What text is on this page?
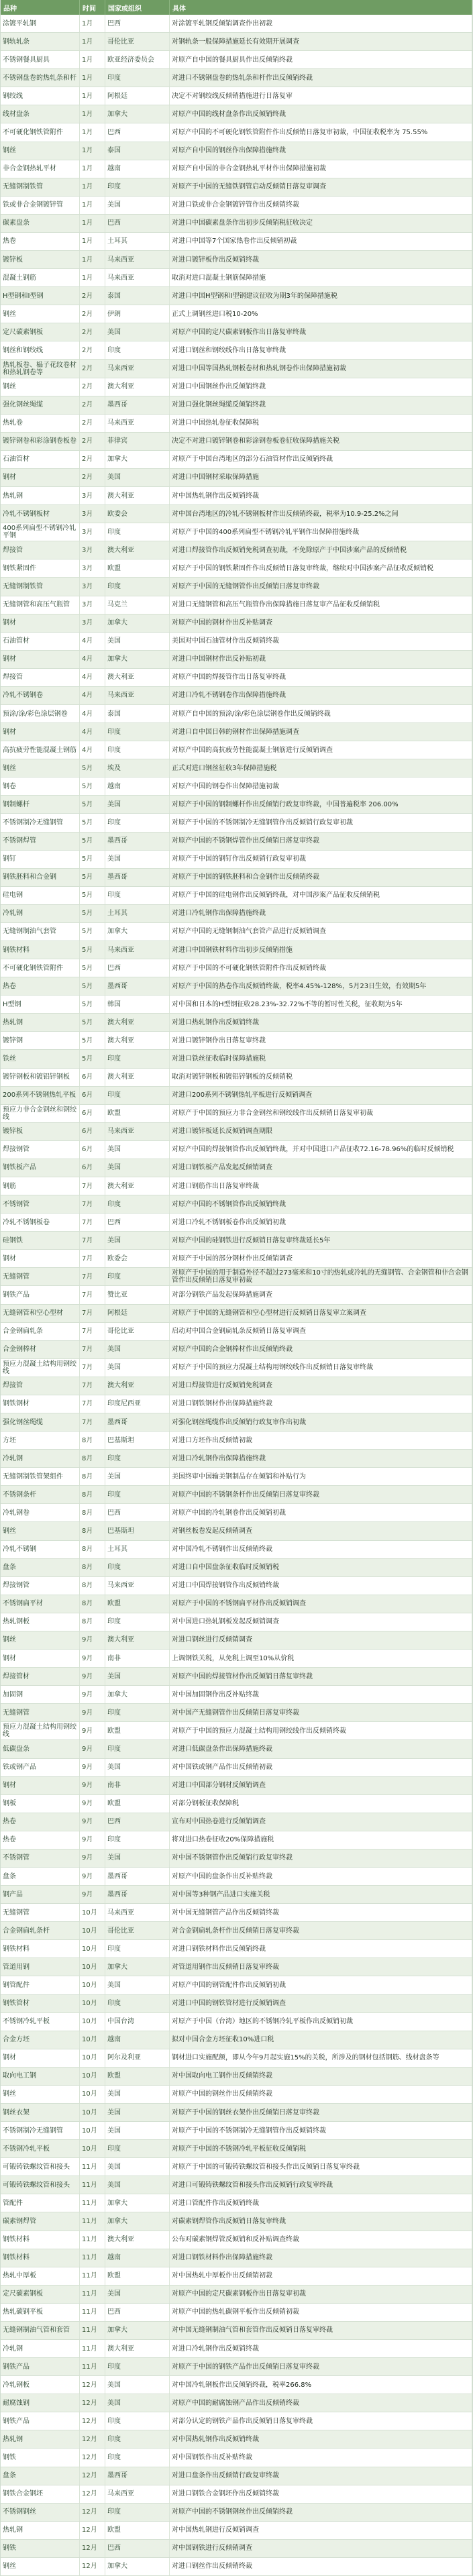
品种	时间	国家或组织	具体
涂镀平轧钢	1月	巴西	对涂镀平轧钢反倾销调查作出初裁
钢轨轧条	1月	哥伦比亚	对钢轨条一般保障措施延长有效期开展调查
不锈钢餐具厨具	1月	欧亚经济委员会	对原产自中国的餐具厨具作出反倾销终裁
不锈钢盘卷的热轧条和杆 1月	印度	对进口不锈钢盘卷的热轧条和杆作出反倾销终裁
钢绞线	1月	阿根廷	决定不对钢绞线反倾销措施进行日落复审
线材盘条	1月	加拿大	对原产中国的线材盘条作出反倾销终裁
不可硬化钢铁管附件	1月	巴西	对原产中国的不可硬化钢铁管附件作出反倾销日落复审初裁，中国征收税率为 75.55%
钢丝	1月	泰国	对原产自中国的钢丝作出保障措施终裁
非合金钢热轧平材	1月	越南	对原产自中国的非合金钢热轧平材作出保障措施初裁
无缝钢制铁管	1月	印度	对原产于中国的无缝铁钢管启动反倾销日落复审调查
铁或非合金钢镀锌管	1月	美国	对进口铁或非合金钢镀锌管作出反倾销终裁
碳素盘条	1月	巴西	对进口中国碳素盘条作出初步反倾销税征收决定
热卷	1月	土耳其	对进口中国等7个国家热卷作出反倾销初裁
镀锌板	1月	马来西亚	对进口镀锌板作出反倾销终裁
混凝土钢筋	1月	马来西亚	取消对进口混凝土钢筋保障措施
H型钢和I型钢	2月	泰国	对进口中国H型钢和I型钢建议征收为期3年的保障措施税
钢丝	2月	伊朗	正式上调钢丝进口税10-20%
定尺碳素钢板	2月	美国	对原产中国的定尺碳素钢板作出日落复审终裁
钢丝和钢绞线	2月	印度	对进口钢丝和钢绞线作出日落复审终裁
热轧板卷、榀子花纹卷材和热轧钢卷等	2月	马来西亚	对进口中国等国热轧钢板卷材和热轧钢卷作出保障措施初裁
钢丝	2月	澳大利亚	对进口中国钢丝作出反倾销终裁
强化钢丝绳缆	2月	墨西哥	对进口强化钢丝绳缆反倾销终裁
热轧卷	2月	马来西亚	对进口中国热轧卷征收保障税
镀锌钢卷和彩涂钢卷板卷 2月	菲律宾	决定不对进口镀锌钢卷和彩涂钢卷板卷征收保障措施关税
石油管材	2月	加拿大	对原产于中国台湾地区的部分石油管材作出反倾销终裁
钢材	2月	美国	对进口中国钢材采取保障措施
热轧钢	3月	澳大利亚	对中国热轧钢作出反倾销终裁
冷轧不锈钢板材	3月	欧委会	对中国台湾地区的冷轧不锈钢板材作出反倾销终裁，税率为10.9-25.2%之间
400系列扁型不锈钢冷轧平钢	3月	印度	对原产于中国的400系列扁型不锈钢冷轧平钢作出保障措施终裁
焊接管	3月	澳大利亚	对进口焊接管作出反倾销免税调查初裁，不免除原产于中国涉案产品的反倾销税
钢铁紧固件	3月	欧盟	对原产于中国的钢铁紧固件作出反倾销日落复审终裁，继续对中国涉案产品征收反倾销税
无缝钢制铁管	3月	印度	对原产于中国的无缝钢管作出反倾销日落复审终裁
无缝钢管和高压气瓶管	3月	马克兰	对进口无缝钢管和高压气瓶管作出保障措施日落复审产品征收反倾销税
钢材	3月	加拿大	对原产中国的钢材作出反补贴调查
石油管材	4月	美国	美国对中国石油管材作出反倾销终裁
钢材	4月	加拿大	对进口中国钢材作出反补贴初裁
焊接管	4月	澳大利亚	对原产中国的焊接管作出日落复审终裁
冷轧不锈钢卷	4月	马来西亚	对进口冷轧不锈钢卷作出保障措施终裁
预涂/涂/彩色涂层钢卷	4月	泰国	对原产自中国的预涂/涂/彩色涂层钢卷作出反倾销终裁
钢材	4月	印度	对进口自中国日韩的钢材作出保障措施调查
高抗疲劳性能混凝土钢筋 4月	印度	对原产中国的高抗疲劳性能混凝土钢筋进行反倾销调查
钢丝	5月	埃及	正式对进口钢丝征收3年保障措施税
钢卷	5月	越南	对原产中国的钢卷作出保障措施初裁
钢制螺杆	5月	美国	对原产于中国的钢制螺杆作出反倾销行政复审终裁，中国普遍税率 206.00%
不锈钢制冷无缝钢管	5月	印度	对原产于中国的不锈钢制冷无缝钢管作出反倾销行政复审初裁
不锈钢焊管	5月	墨西哥	对原产中国的不锈钢焊管作出反倾销日落复审终裁
钢钉	5月	美国	对原产于中国的钢钉作出反倾销行政复审初裁
钢铁胚料和合金钢	5月	墨西哥	对原产于中国的钢铁胚料和合金钢作出反倾销终裁
硅电钢	5月	印度	对原产于中国的硅电钢作出反倾销终裁，对中国涉案产品征收反倾销税
冷轧钢	5月	土耳其	对进口冷轧钢作出保障措施终裁
无缝钢制油气套管	5月	加拿大	对原产中国的无缝钢制油气套管产品进行反倾销调查
钢铁材料	5月	马来西亚	对进口中国钢铁材料作出初步反倾销措施
不可硬化钢铁管附件	5月	巴西	对原产于中国的不可硬化钢铁管附件作出反倾销终裁
热卷	5月	墨西哥	对原产于中国的热卷作出反倾销终裁，税率4.45%-128%，5月23日生效，有效期5年
H型钢	5月	韩国	对中国和日本的H型钢征收28.23%-32.72%不等的暂时性关税，征收期为5年
热轧钢	5月	澳大利亚	对进口热轧钢作出反倾销终裁
镀锌钢	5月	澳大利亚	对进口镀锌钢作出日落复审终裁
铁丝	5月	印度	对进口铁丝征收临时保障措施税
镀锌钢板和镀铝锌钢板	6月	澳大利亚	取消对镀锌钢板和镀铝锌钢板的反倾销税
200系列不锈钢热轧平板 6月	印度	对进口200系列不锈钢热轧平板进行反倾销调查
预应力非合金钢丝和钢绞线	6月	欧盟	对原产于中国的预应力非合金钢丝和钢绞线作出反倾销日落复审初裁
镀锌板	6月	马来西亚	对进口镀锌板延长反倾销调查期限
焊接钢管	6月	美国	对原产中国的焊接钢管作出反倾销终裁，并对中国进口产品征收72.16-78.96%的临时反倾销税
钢铁板产品	6月	美国	对进口钢铁板产品发起反倾销调查
钢筋	7月	澳大利亚	对进口钢筋作出日落复审终裁
不锈钢管	7月	印度	对原产中国的不锈钢管作出反倾销终裁
冷轧不锈钢板卷	7月	巴西	对进口冷轧不锈钢板卷作出反倾销初裁
硅钢铁	7月	美国	对原产中国的硅钢铁进行反倾销日落复审终裁延长5年
钢材	7月	欧委会	对原产于中国的部分钢材作出反倾销调查
无缝钢管	7月	印度	对原产于中国的用于制造外径不超过273毫米和10寸的热轧或冷轧的无缝钢管、合金钢管和非合金钢管作出反倾销日落复审初裁
钢铁产品	7月	赞比亚	对部分钢铁产品发起保障措施调查
无缝钢管和空心型材	7月	阿根廷	对原产于中国的无缝钢管和空心型材进行反倾销日落复审立案调查
合金钢扁轧条	7月	哥伦比亚	启动对中国合金钢扁轧条反倾销日落复审调查
合金钢棒材	7月	美国	对原产中国的合金钢棒材作出反倾销终裁
预应力混凝土结构用钢绞线	7月	美国	对原产于中国的预应力混凝土结构用钢绞线作出反倾销日落复审终裁
焊接管	7月	澳大利亚	对进口焊接管进行反倾销免税调查
钢铁钢材	7月	印度尼西亚	对进口钢铁钢材作出保障措施终裁
强化钢丝绳缆	7月	墨西哥	对强化钢丝绳缆作出反倾销行政复审作出初裁
方坯	8月	巴基斯坦	对进口方坯作出反倾销初裁
冷轧钢	8月	印度	对进口冷轧钢作出保障措施终裁
无缝钢制铁管架组件	8月	美国	美国终审中国输美钢制品存在倾销和补贴行为
不锈钢条杆	8月	印度	对原产中国的不锈钢条杆作出反倾销日落复审终裁
冷轧钢卷	8月	巴西	对原产中国的冷轧钢卷作出反倾销初裁
钢丝	8月	巴基斯坦	对钢丝板卷发起反倾销调查
冷轧不锈钢	8月	土耳其	对中国冷轧不锈钢作出反倾销终裁
盘条	8月	印度	对进口自中国盘条征收临时反倾销税
焊接钢管	8月	马来西亚	对进口中国焊接钢管作出反倾销终裁
不锈钢扁平材	8月	欧盟	对原产于中国的不锈钢扁平材作出反倾销调查
热轧钢板	8月	印度	对中国进口热轧钢板发起反倾销调查
钢丝	9月	澳大利亚	对进口钢丝进行反倾销调查
钢材	9月	南非	上调钢铁关税，从免税上调至10%从价税
焊接管材	9月	美国	对原产中国的焊接管材作出反倾销日落复审终裁
加固钢	9月	加拿大	对中国加固钢作出反补贴终裁
无缝钢管	9月	印度	对中国产无缝钢管作出反倾销日落复审终裁
预应力混凝土结构用钢绞线	9月	欧盟	对原产于中国的预应力混凝土结构用钢绞线作出反倾销终裁
低碳盘条	9月	印度	对进口低碳盘条作出保障措施终裁
铁或钢产品	9月	美国	对中国铁或钢产品作出反倾销初裁
钢材	9月	南非	对进口中国部分钢材反倾销调查
钢板	9月	欧盟	对部分钢板征收保障税
热卷	9月	巴西	宣布对中国热卷进行反倾销调查
热卷	9月	印度	将对进口热卷征收20%保障措施税
不锈钢管	9月	美国	对中国不锈钢管作出反倾销行政复审终裁
盘条	9月	墨西哥	对原产中国的盘条作出反补贴终裁
钢产品	9月	墨西哥	对中国等3种钢产品进口实施关税
无缝钢管	10月	马来西亚	对中国无缝钢管产品作出反倾销终裁
合金钢扁轧条杆	10月	哥伦比亚	对合金钢扁轧条杆作出反倾销日落复审终裁
钢铁材料	10月	印度	对进口钢铁材料作出反倾销终裁
管道用钢	10月	加拿大	对管道用钢作出反倾销日落复审终裁
钢管配件	10月	美国	对原产中国的钢管配件作出反倾销初裁
钢铁管材	10月	印度	对进口中国的钢铁管材进行反倾销调查
不锈钢冷轧平板	10月	中国台湾	对原产于中国（台湾）地区的不锈钢冷轧平板作出反倾销初裁
合金方坯	10月	越南	拟对中国合金方坯征收10%进口税
钢材	10月	阿尔及利亚	钢材进口实施配额，即从今年9月起实施15%的关税，所涉及的钢材包括钢筋、线材盘条等
取向电工钢	10月	欧盟	对中国取向电工钢作出反倾销终裁
钢丝	10月	美国	对原产中国的钢丝作出反倾销终裁
钢丝衣架	10月	美国	对原产于中国的钢丝衣架作出反倾销日落复审终裁
不锈钢制冷无缝钢管	10月	美国	对原产于中国的不锈钢制冷无缝钢管作出反倾销终裁
不锈钢冷轧平板	10月	印度	对原产于中国的不锈钢冷轧平板征收反倾销税
可锻铸铁螺纹管和接头	11月	美国	对原产于中国的可锻铸铁螺纹管和接头作出反倾销日落复审终裁
可锻铸铁螺纹管和接头	11月	美国	对进口可锻铸铁螺纹管和接头作出反倾销行政复审终裁
管配件	11月	加拿大	对进口管配件作出反倾销终裁
碳素钢焊管	11月	加拿大	对碳素钢焊管作出反倾销日落复审终裁
钢铁材料	11月	澳大利亚	公布对碳素钢焊管反倾销和反补贴调查终裁
钢铁材料	11月	越南	对进口钢铁材料作出保障措施终裁
热轧中厚板	11月	欧盟	对中国热轧中厚板作出反倾销初裁
定尺碳素钢板	11月	美国	对原产中国的定尺碳素钢板作出日落复审初裁
热轧碳钢平板	11月	巴西	对原产中国的热轧碳钢平板作出反倾销初裁
无缝钢制油气管和套管	11月	加拿大	对中国无缝钢制油气管和套管作出反倾销日落复审终裁
冷轧钢	11月	澳大利亚	对进口冷轧钢作出反倾销终裁
钢铁产品	11月	印度	对原产于中国的钢铁产品作出反倾销日落复审终裁
冷轧钢板	12月	美国	对中国冷轧钢板作出反倾销终裁，税率266.8%
耐腐蚀钢	12月	美国	对原产中国的耐腐蚀钢产品作出反倾销终裁
钢铁产品	12月	印度	对部分认定的钢铁产品作出反倾销日落复审终裁
热轧钢	12月	印度	对中国热轧钢作出反倾销终裁
钢铁	12月	印度	对中国钢铁作出反补贴终裁
盘条	12月	墨西哥	对进口盘条作出反倾销行政复审终裁
钢铁合金钢坯	12月	马来西亚	对进口钢铁合金钢坯作出反倾销终裁
不锈钢钢丝	12月	印度	对原产中国的不锈钢钢丝作出反倾销终裁
热轧钢	12月	欧盟	对中国热轧钢进行反倾销调查
钢铁	12月	巴西	对中国钢铁进行反倾销调查
钢丝	12月	加拿大	对进口钢丝作出反倾销终裁
